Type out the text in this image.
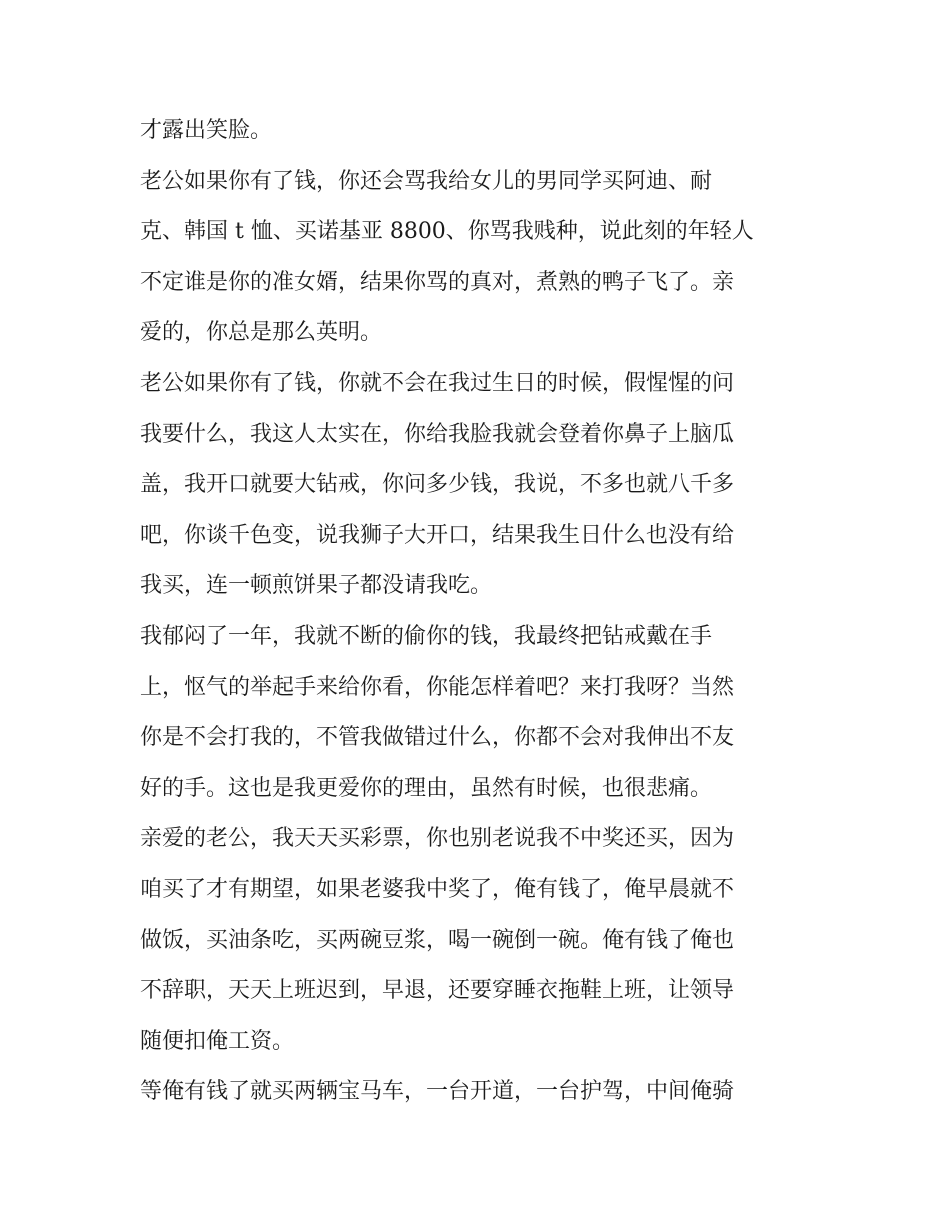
才露出笑脸。
老公如果你有了钱，你还会骂我给女儿的男同学买阿迪、耐
克、韩国 t 恤、买诺基亚 8800、你骂我贱种，说此刻的年轻人
不定谁是你的准女婿，结果你骂的真对，煮熟的鸭子飞了。亲
爱的，你总是那么英明。
老公如果你有了钱，你就不会在我过生日的时候，假惺惺的问
我要什么，我这人太实在，你给我脸我就会登着你鼻子上脑瓜
盖，我开口就要大钻戒，你问多少钱，我说，不多也就八千多
吧，你谈千色变，说我狮子大开口，结果我生日什么也没有给
我买，连一顿煎饼果子都没请我吃。
我郁闷了一年，我就不断的偷你的钱，我最终把钻戒戴在手
上，怄气的举起手来给你看，你能怎样着吧？来打我呀？当然
你是不会打我的，不管我做错过什么，你都不会对我伸出不友
好的手。这也是我更爱你的理由，虽然有时候，也很悲痛。
亲爱的老公，我天天买彩票，你也别老说我不中奖还买，因为
咱买了才有期望，如果老婆我中奖了，俺有钱了，俺早晨就不
做饭，买油条吃，买两碗豆浆，喝一碗倒一碗。俺有钱了俺也
不辞职，天天上班迟到，早退，还要穿睡衣拖鞋上班，让领导
随便扣俺工资。
等俺有钱了就买两辆宝马车，一台开道，一台护驾，中间俺骑
